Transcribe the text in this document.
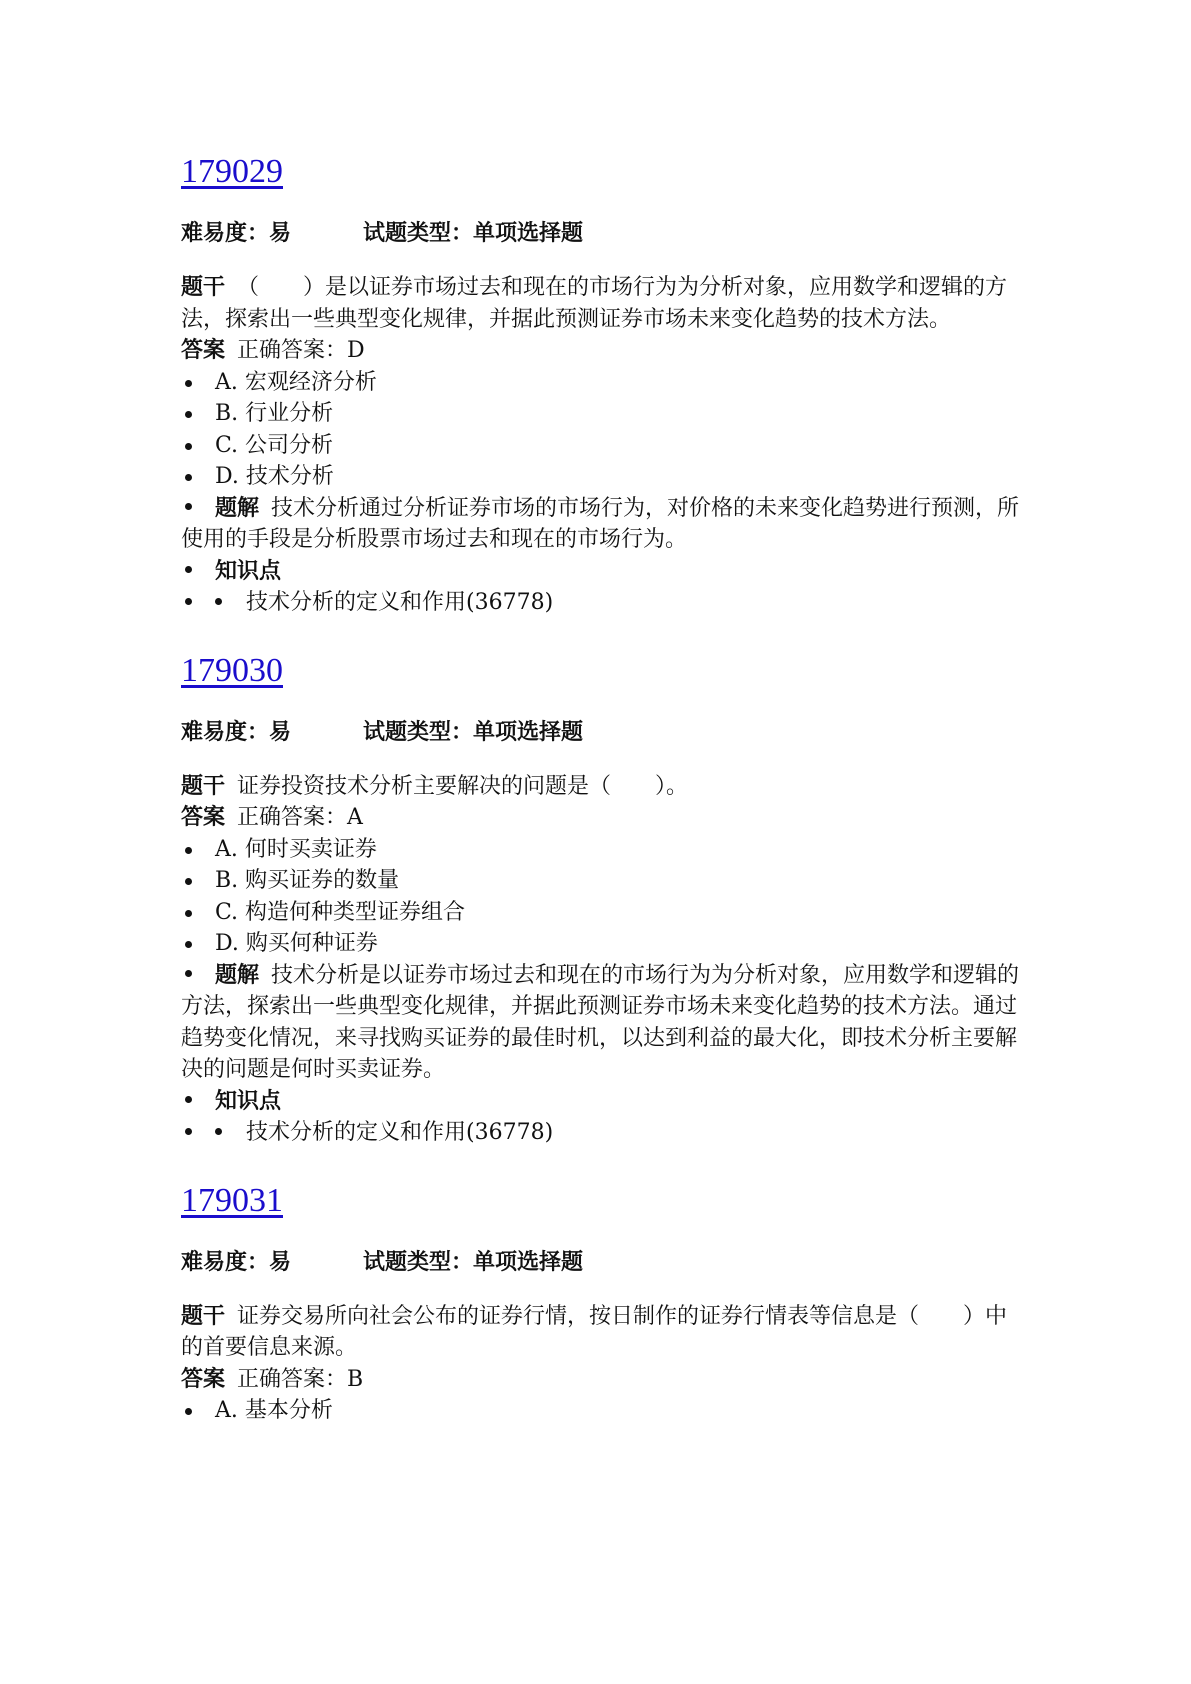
179029
难易度：易	试题类型：单项选择题
题干 （　　）是以证券市场过去和现在的市场行为为分析对象，应用数学和逻辑的方法，探索出一些典型变化规律，并据此预测证券市场未来变化趋势的技术方法。
答案 正确答案：D
A. 宏观经济分析
B. 行业分析
C. 公司分析
D. 技术分析
题解 技术分析通过分析证券市场的市场行为，对价格的未来变化趋势进行预测，所使用的手段是分析股票市场过去和现在的市场行为。
知识点
技术分析的定义和作用(36778)
179030
难易度：易	试题类型：单项选择题
题干 证券投资技术分析主要解决的问题是（　　）。
答案 正确答案：A
A. 何时买卖证券
B. 购买证券的数量
C. 构造何种类型证券组合
D. 购买何种证券
题解 技术分析是以证券市场过去和现在的市场行为为分析对象，应用数学和逻辑的方法，探索出一些典型变化规律，并据此预测证券市场未来变化趋势的技术方法。通过趋势变化情况，来寻找购买证券的最佳时机，以达到利益的最大化，即技术分析主要解决的问题是何时买卖证券。
知识点
技术分析的定义和作用(36778)
179031
难易度：易	试题类型：单项选择题
题干 证券交易所向社会公布的证券行情，按日制作的证券行情表等信息是（　　）中的首要信息来源。
答案 正确答案：B
A. 基本分析
